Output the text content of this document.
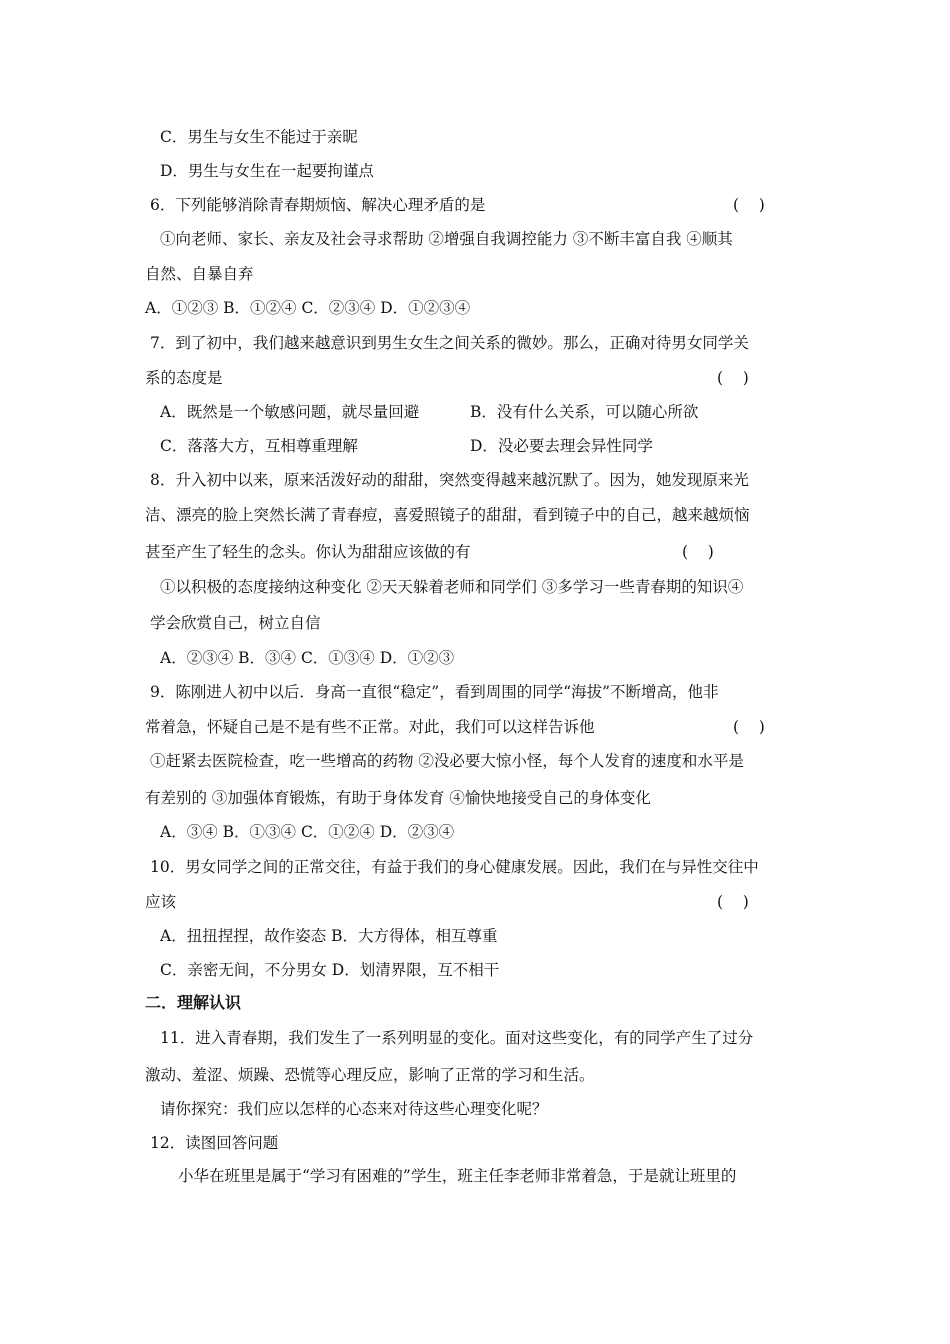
C．男生与女生不能过于亲昵
D．男生与女生在一起要拘谨点
6．下列能够消除青春期烦恼、解决心理矛盾的是	(    )
①向老师、家长、亲友及社会寻求帮助 ②增强自我调控能力 ③不断丰富自我 ④顺其
自然、自暴自弃
A．①②③ B．①②④ C．②③④ D．①②③④
7．到了初中，我们越来越意识到男生女生之间关系的微妙。那么，正确对待男女同学关
系的态度是	(    )
A．既然是一个敏感问题，就尽量回避	B．没有什么关系，可以随心所欲
C．落落大方，互相尊重理解	D．没必要去理会异性同学
8．升入初中以来，原来活泼好动的甜甜，突然变得越来越沉默了。因为，她发现原来光
洁、漂亮的脸上突然长满了青春痘，喜爱照镜子的甜甜，看到镜子中的自己，越来越烦恼
甚至产生了轻生的念头。你认为甜甜应该做的有	(    )
①以积极的态度接纳这种变化 ②天天躲着老师和同学们 ③多学习一些青春期的知识④
学会欣赏自己，树立自信
A．②③④ B．③④ C．①③④ D．①②③
9．陈刚进人初中以后．身高一直很“稳定”，看到周围的同学“海拔”不断增高，他非
常着急，怀疑自己是不是有些不正常。对此，我们可以这样告诉他	(    )
①赶紧去医院检查，吃一些增高的药物 ②没必要大惊小怪，每个人发育的速度和水平是
有差别的 ③加强体育锻炼，有助于身体发育 ④愉快地接受自己的身体变化
A．③④ B．①③④ C．①②④ D．②③④
10．男女同学之间的正常交往，有益于我们的身心健康发展。因此，我们在与异性交往中
应该	(    )
A．扭扭捏捏，故作姿态 B．大方得体，相互尊重
C．亲密无间，不分男女 D．划清界限，互不相干
二．理解认识
11．进入青春期，我们发生了一系列明显的变化。面对这些变化，有的同学产生了过分
激动、羞涩、烦躁、恐慌等心理反应，影响了正常的学习和生活。
请你探究：我们应以怎样的心态来对待这些心理变化呢？
12．读图回答问题
小华在班里是属于“学习有困难的”学生，班主任李老师非常着急，于是就让班里的
